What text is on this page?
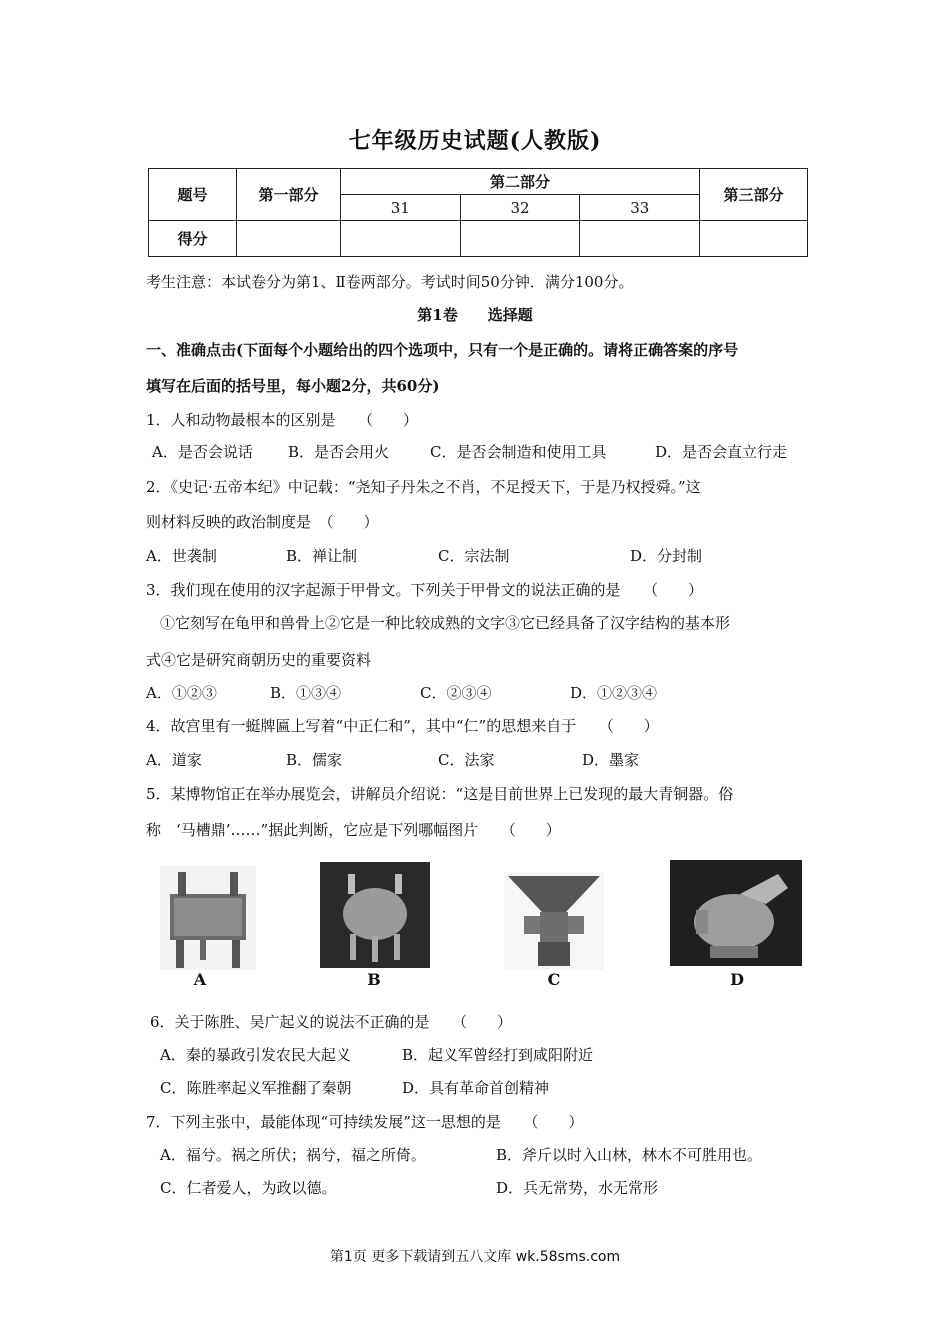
七年级历史试题(人教版)
题号	第一部分	第二部分			第三部分
		31	32	33	
得分					
考生注意：本试卷分为第1、Ⅱ卷两部分。考试时间50分钟．满分100分。
第1卷　　选择题
一、准确点击(下面每个小题给出的四个选项中，只有一个是正确的。请将正确答案的序号
填写在后面的括号里，每小题2分，共60分)
1．人和动物最根本的区别是　　（　　）
A．是否会说话 B．是否会用火	C．是否会制造和使用工具	D．是否会直立行走
2．《史记·五帝本纪》中记载：“尧知子丹朱之不肖，不足授天下，于是乃权授舜。”这
则材料反映的政治制度是　（　　）
A．世袭制	B．禅让制	C．宗法制	D．分封制
3．我们现在使用的汉字起源于甲骨文。下列关于甲骨文的说法正确的是　　（　　）
①它刻写在龟甲和兽骨上②它是一种比较成熟的文字③它已经具备了汉字结构的基本形
式④它是研究商朝历史的重要资料
A．①②③	B．①③④	C．②③④	D．①②③④
4．故宫里有一蜓牌匾上写着“中正仁和”，其中“仁”的思想来自于　　（　　）
A．道家	B．儒家	C．法家	D．墨家
5．某博物馆正在举办展览会，讲解员介绍说：“这是目前世界上已发现的最大青铜器。俗
称　‘马槽鼎’……”据此判断，它应是下列哪幅图片　　（　　）
A	B	C	D
6．关于陈胜、吴广起义的说法不正确的是　　（　　）
A．秦的暴政引发农民大起义	B．起义军曾经打到咸阳附近
C．陈胜率起义军推翻了秦朝	D．具有革命首创精神
7．下列主张中，最能体现“可持续发展”这一思想的是　　（　　）
A．福兮。祸之所伏；祸兮，福之所倚。	B．斧斤以时入山林，林木不可胜用也。
C．仁者爱人，为政以德。	D．兵无常势，水无常形
第1页 更多下载请到五八文库 wk.58sms.com
